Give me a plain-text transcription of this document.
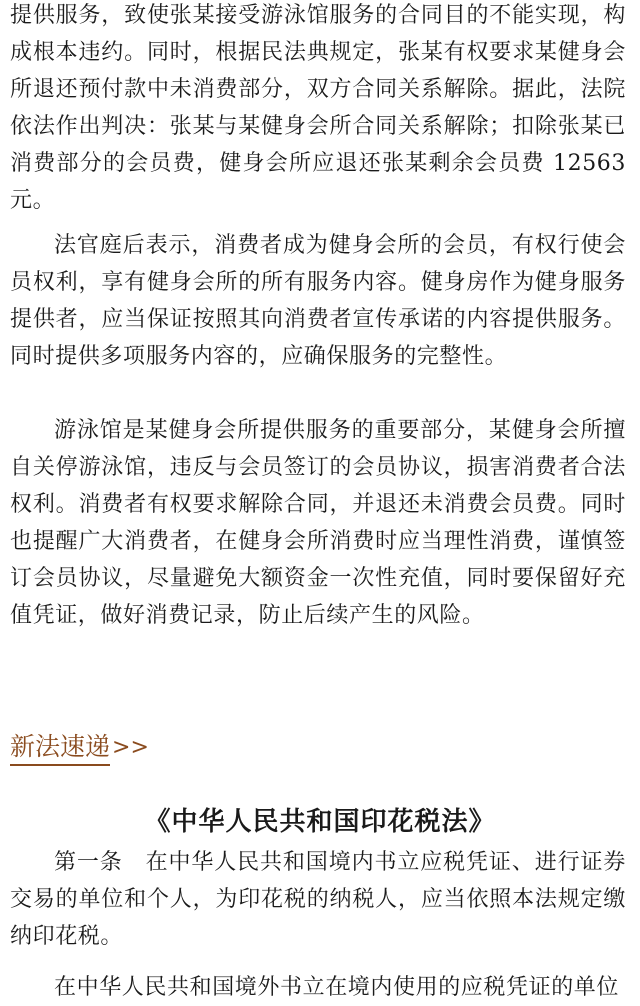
提供服务，致使张某接受游泳馆服务的合同目的不能实现，构成根本违约。同时，根据民法典规定，张某有权要求某健身会所退还预付款中未消费部分，双方合同关系解除。据此，法院依法作出判决：张某与某健身会所合同关系解除；扣除张某已消费部分的会员费，健身会所应退还张某剩余会员费 12563 元。

法官庭后表示，消费者成为健身会所的会员，有权行使会员权利，享有健身会所的所有服务内容。健身房作为健身服务提供者，应当保证按照其向消费者宣传承诺的内容提供服务。同时提供多项服务内容的，应确保服务的完整性。

游泳馆是某健身会所提供服务的重要部分，某健身会所擅自关停游泳馆，违反与会员签订的会员协议，损害消费者合法权利。消费者有权要求解除合同，并退还未消费会员费。同时也提醒广大消费者，在健身会所消费时应当理性消费，谨慎签订会员协议，尽量避免大额资金一次性充值，同时要保留好充值凭证，做好消费记录，防止后续产生的风险。

新法速递 >>
《中华人民共和国印花税法》

第一条　在中华人民共和国境内书立应税凭证、进行证券交易的单位和个人，为印花税的纳税人，应当依照本法规定缴纳印花税。

在中华人民共和国境外书立在境内使用的应税凭证的单位
